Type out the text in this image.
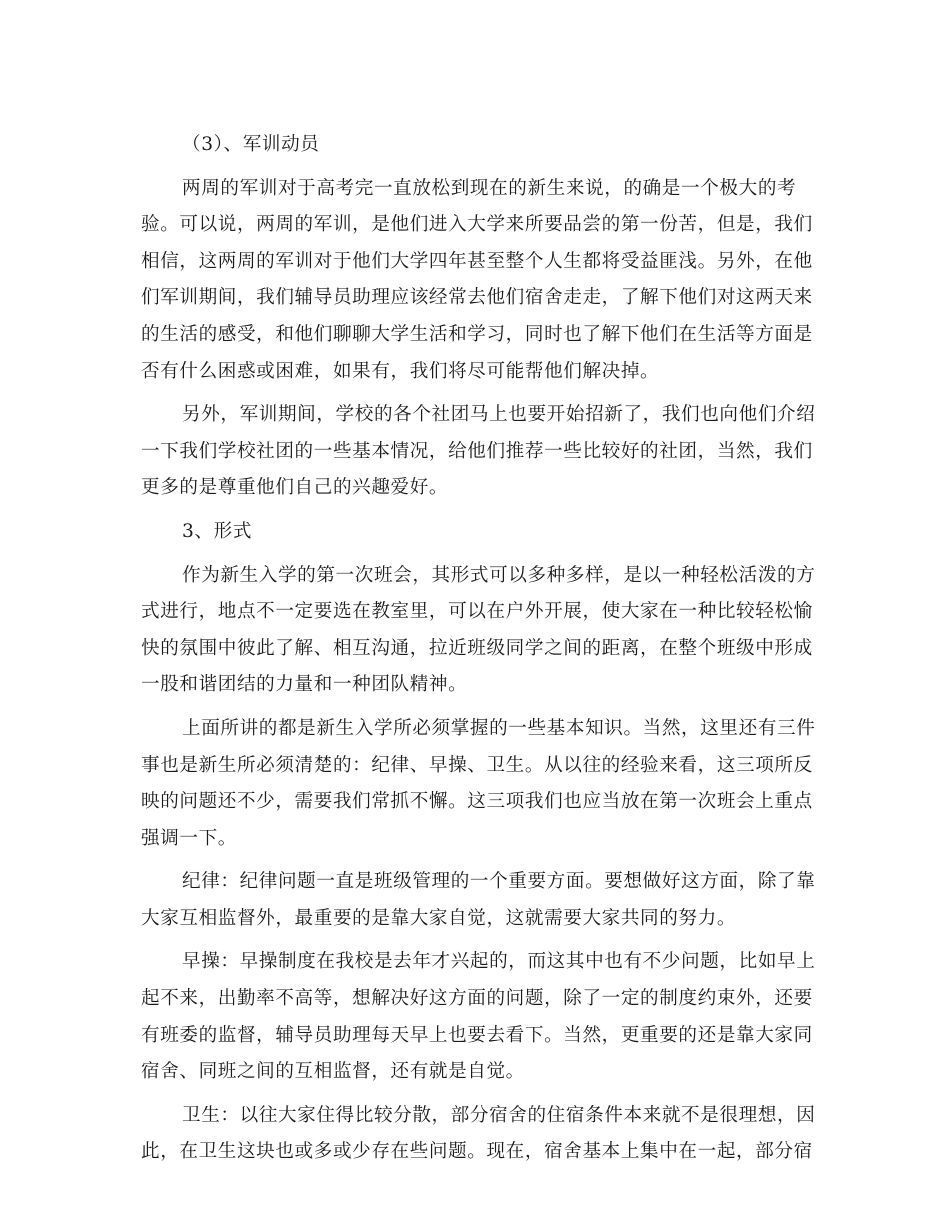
（3）、军训动员

两周的军训对于高考完一直放松到现在的新生来说，的确是一个极大的考
验。可以说，两周的军训，是他们进入大学来所要品尝的第一份苦，但是，我们
相信，这两周的军训对于他们大学四年甚至整个人生都将受益匪浅。另外，在他
们军训期间，我们辅导员助理应该经常去他们宿舍走走，了解下他们对这两天来
的生活的感受，和他们聊聊大学生活和学习，同时也了解下他们在生活等方面是
否有什么困惑或困难，如果有，我们将尽可能帮他们解决掉。

另外，军训期间，学校的各个社团马上也要开始招新了，我们也向他们介绍
一下我们学校社团的一些基本情况，给他们推荐一些比较好的社团，当然，我们
更多的是尊重他们自己的兴趣爱好。

3、形式

作为新生入学的第一次班会，其形式可以多种多样，是以一种轻松活泼的方
式进行，地点不一定要选在教室里，可以在户外开展，使大家在一种比较轻松愉
快的氛围中彼此了解、相互沟通，拉近班级同学之间的距离，在整个班级中形成
一股和谐团结的力量和一种团队精神。

上面所讲的都是新生入学所必须掌握的一些基本知识。当然，这里还有三件
事也是新生所必须清楚的：纪律、早操、卫生。从以往的经验来看，这三项所反
映的问题还不少，需要我们常抓不懈。这三项我们也应当放在第一次班会上重点
强调一下。

纪律：纪律问题一直是班级管理的一个重要方面。要想做好这方面，除了靠
大家互相监督外，最重要的是靠大家自觉，这就需要大家共同的努力。

早操：早操制度在我校是去年才兴起的，而这其中也有不少问题，比如早上
起不来，出勤率不高等，想解决好这方面的问题，除了一定的制度约束外，还要
有班委的监督，辅导员助理每天早上也要去看下。当然，更重要的还是靠大家同
宿舍、同班之间的互相监督，还有就是自觉。

卫生：以往大家住得比较分散，部分宿舍的住宿条件本来就不是很理想，因
此，在卫生这块也或多或少存在些问题。现在，宿舍基本上集中在一起，部分宿
